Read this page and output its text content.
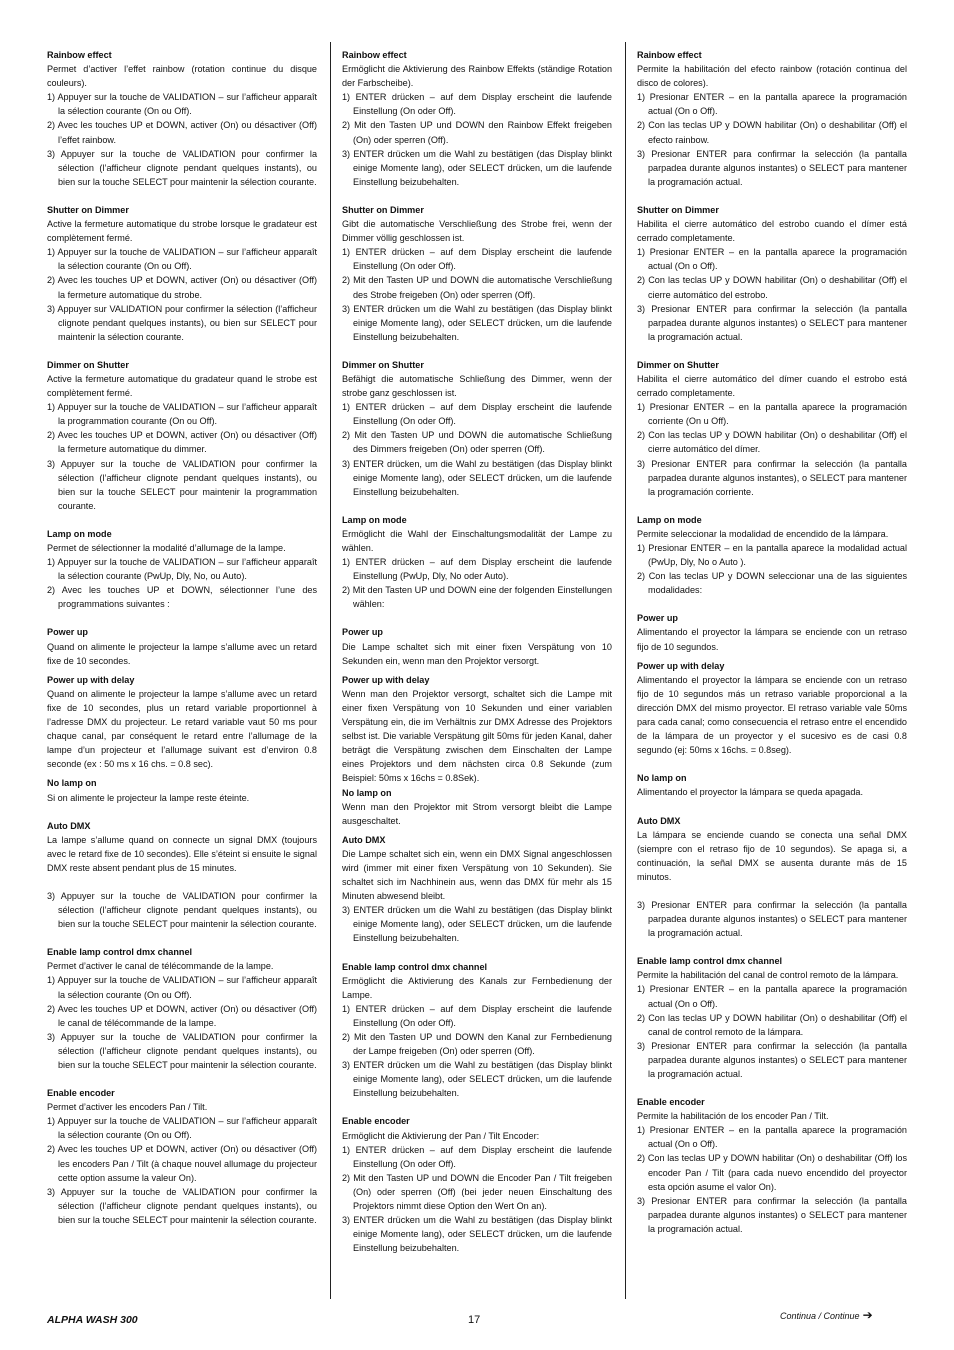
Rainbow effect

Permet d’activer l’effet rainbow (rotation continue du disque couleurs).

1) Appuyer sur la touche de VALIDATION – sur l’afficheur apparaît la sélection courante (On ou Off).

2) Avec les touches UP et DOWN, activer (On) ou désactiver (Off) l’effet rainbow.

3) Appuyer sur la touche de VALIDATION pour confirmer la sélection (l’afficheur clignote pendant quelques instants), ou bien sur la touche SELECT pour maintenir la sélection courante.

Shutter on Dimmer

Active la fermeture automatique du strobe lorsque le gradateur est complètement fermé.

1) Appuyer sur la touche de VALIDATION – sur l’afficheur apparaît la sélection courante (On ou Off).

2) Avec les touches UP et DOWN, activer (On) ou désactiver (Off) la fermeture automatique du strobe.

3) Appuyer sur VALIDATION pour confirmer la sélection (l’afficheur clignote pendant quelques instants), ou bien sur SELECT pour maintenir la sélection courante.

Dimmer on Shutter

Active la fermeture automatique du gradateur quand le strobe est complètement fermé.

1) Appuyer sur la touche de VALIDATION – sur l’afficheur apparaît la programmation courante (On ou Off).

2) Avec les touches UP et DOWN, activer (On) ou désactiver (Off) la fermeture automatique du dimmer.

3) Appuyer sur la touche de VALIDATION pour confirmer la sélection (l’afficheur clignote pendant quelques instants), ou bien sur la touche SELECT pour maintenir la programmation courante.

Lamp on mode

Permet de sélectionner la modalité d’allumage de la lampe.

1) Appuyer sur la touche de VALIDATION – sur l’afficheur apparaît la sélection courante (PwUp, Dly, No, ou Auto).

2) Avec les touches UP et DOWN, sélectionner l’une des programmations suivantes :

Power up

Quand on alimente le projecteur la lampe s’allume avec un retard fixe de 10 secondes.

Power up with delay

Quand on alimente le projecteur la lampe s’allume avec un retard fixe de 10 secondes, plus un retard variable proportionnel à l’adresse DMX du projecteur. Le retard variable vaut 50 ms pour chaque canal, par conséquent le retard entre l’allumage de la lampe d’un projecteur et l’allumage suivant est d’environ 0.8 seconde (ex : 50 ms x 16 chs. = 0.8 sec).

No lamp on

Si on alimente le projecteur la lampe reste éteinte.

Auto DMX

La lampe s’allume quand on connecte un signal DMX (toujours avec le retard fixe de 10 secondes). Elle s’éteint si ensuite le signal DMX reste absent pendant plus de 15 minutes.

3) Appuyer sur la touche de VALIDATION pour confirmer la sélection (l’afficheur clignote pendant quelques instants), ou bien sur la touche SELECT pour maintenir la sélection courante.

Enable lamp control dmx channel

Permet d’activer le canal de télécommande de la lampe.

1) Appuyer sur la touche de VALIDATION – sur l’afficheur apparaît la sélection courante (On ou Off).

2) Avec les touches UP et DOWN, activer (On) ou désactiver (Off) le canal de télécommande de la lampe.

3) Appuyer sur la touche de VALIDATION pour confirmer la sélection (l’afficheur clignote pendant quelques instants), ou bien sur la touche SELECT pour maintenir la sélection courante.

Enable encoder

Permet d’activer les encoders Pan / Tilt.

1) Appuyer sur la touche de VALIDATION – sur l’afficheur apparaît la sélection courante (On ou Off).

2) Avec les touches UP et DOWN, activer (On) ou désactiver (Off) les encoders Pan / Tilt (à chaque nouvel allumage du projecteur cette option assume la valeur On).

3) Appuyer sur la touche de VALIDATION pour confirmer la sélection (l’afficheur clignote pendant quelques instants), ou bien sur la touche SELECT pour maintenir la sélection courante.

Rainbow effect

Ermöglicht die Aktivierung des Rainbow Effekts (ständige Rotation der Farbscheibe).

1) ENTER drücken – auf dem Display erscheint die laufende Einstellung (On oder Off).

2) Mit den Tasten UP und DOWN den Rainbow Effekt freigeben (On) oder sperren (Off).

3) ENTER drücken um die Wahl zu bestätigen (das Display blinkt einige Momente lang), oder SELECT drücken, um die laufende Einstellung beizubehalten.

Shutter on Dimmer

Gibt die automatische Verschließung des Strobe frei, wenn der Dimmer völlig geschlossen ist.

1) ENTER drücken – auf dem Display erscheint die laufende Einstellung (On oder Off).

2) Mit den Tasten UP und DOWN die automatische Verschließung des Strobe freigeben (On) oder sperren (Off).

3) ENTER drücken um die Wahl zu bestätigen (das Display blinkt einige Momente lang), oder SELECT drücken, um die laufende Einstellung beizubehalten.

Dimmer on Shutter

Befähigt die automatische Schließung des Dimmer, wenn der strobe ganz geschlossen ist.

1) ENTER drücken – auf dem Display erscheint die laufende Einstellung (On oder Off).

2) Mit den Tasten UP und DOWN die automatische Schließung des Dimmers freigeben (On) oder sperren (Off).

3) ENTER drücken, um die Wahl zu bestätigen (das Display blinkt einige Momente lang), oder SELECT drücken, um die laufende Einstellung beizubehalten.

Lamp on mode

Ermöglicht die Wahl der Einschaltungsmodalität der Lampe zu wählen.

1) ENTER drücken – auf dem Display erscheint die laufende Einstellung (PwUp, Dly, No oder Auto).

2) Mit den Tasten UP und DOWN eine der folgenden Einstellungen wählen:

Power up

Die Lampe schaltet sich mit einer fixen Verspätung von 10 Sekunden ein, wenn man den Projektor versorgt.

Power up with delay

Wenn man den Projektor versorgt, schaltet sich die Lampe mit einer fixen Verspätung von 10 Sekunden und einer variablen Verspätung ein, die im Verhältnis zur DMX Adresse des Projektors selbst ist. Die variable Verspätung gilt 50ms für jeden Kanal, daher beträgt die Verspätung zwischen dem Einschalten der Lampe eines Projektors und dem nächsten circa 0.8 Sekunde (zum Beispiel: 50ms x 16chs = 0.8Sek).

No lamp on

Wenn man den Projektor mit Strom versorgt bleibt die Lampe ausgeschaltet.

Auto DMX

Die Lampe schaltet sich ein, wenn ein DMX Signal angeschlossen wird (immer mit einer fixen Verspätung von 10 Sekunden). Sie schaltet sich im Nachhinein aus, wenn das DMX für mehr als 15 Minuten abwesend bleibt.

3) ENTER drücken um die Wahl zu bestätigen (das Display blinkt einige Momente lang), oder SELECT drücken, um die laufende Einstellung beizubehalten.

Enable lamp control dmx channel

Ermöglicht die Aktivierung des Kanals zur Fernbedienung der Lampe.

1) ENTER drücken – auf dem Display erscheint die laufende Einstellung (On oder Off).

2) Mit den Tasten UP und DOWN den Kanal zur Fernbedienung der Lampe freigeben (On) oder sperren (Off).

3) ENTER drücken um die Wahl zu bestätigen (das Display blinkt einige Momente lang), oder SELECT drücken, um die laufende Einstellung beizubehalten.

Enable encoder

Ermöglicht die Aktivierung der Pan / Tilt Encoder:

1) ENTER drücken – auf dem Display erscheint die laufende Einstellung (On oder Off).

2) Mit den Tasten UP und DOWN die Encoder Pan / Tilt freigeben (On) oder sperren (Off) (bei jeder neuen Einschaltung des Projektors nimmt diese Option den Wert On an).

3) ENTER drücken um die Wahl zu bestätigen (das Display blinkt einige Momente lang), oder SELECT drücken, um die laufende Einstellung beizubehalten.

Rainbow effect

Permite la habilitación del efecto rainbow (rotación continua del disco de colores).

1) Presionar ENTER – en la pantalla aparece la programación actual (On o Off).

2) Con las teclas UP y DOWN habilitar (On) o deshabilitar (Off) el efecto rainbow.

3) Presionar ENTER para confirmar la selección (la pantalla parpadea durante algunos instantes) o SELECT para mantener la programación actual.

Shutter on Dimmer

Habilita el cierre automático del estrobo cuando el dímer está cerrado completamente.

1) Presionar ENTER – en la pantalla aparece la programación actual (On o Off).

2) Con las teclas UP y DOWN habilitar (On) o deshabilitar (Off) el cierre automático del estrobo.

3) Presionar ENTER para confirmar la selección (la pantalla parpadea durante algunos instantes) o SELECT para mantener la programación actual.

Dimmer on Shutter

Habilita el cierre automático del dímer cuando el estrobo está cerrado completamente.

1) Presionar ENTER – en la pantalla aparece la programación corriente (On u Off).

2) Con las teclas UP y DOWN habilitar (On) o deshabilitar (Off) el cierre automático del dímer.

3) Presionar ENTER para confirmar la selección (la pantalla parpadea durante algunos instantes), o SELECT para mantener la programación corriente.

Lamp on mode

Permite seleccionar la modalidad de encendido de la lámpara.

1) Presionar ENTER – en la pantalla aparece la modalidad actual (PwUp, Dly, No o Auto ).

2) Con las teclas UP y DOWN seleccionar una de las siguientes modalidades:

Power up

Alimentando el proyector la lámpara se enciende con un retraso fijo de 10 segundos.

Power up with delay

Alimentando el proyector la lámpara se enciende con un retraso fijo de 10 segundos más un retraso variable proporcional a la dirección DMX del mismo proyector. El retraso variable vale 50ms para cada canal; como consecuencia el retraso entre el encendido de la lámpara de un proyector y el sucesivo es de casi 0.8 segundo (ej: 50ms x 16chs. = 0.8seg).

No lamp on

Alimentando el proyector la lámpara se queda apagada.

Auto DMX

La lámpara se enciende cuando se conecta una señal DMX (siempre con el retraso fijo de 10 segundos). Se apaga si, a continuación, la señal DMX se ausenta durante más de 15 minutos.

3) Presionar ENTER para confirmar la selección (la pantalla parpadea durante algunos instantes) o SELECT para mantener la programación actual.

Enable lamp control dmx channel

Permite la habilitación del canal de control remoto de la lámpara.

1) Presionar ENTER – en la pantalla aparece la programación actual (On o Off).

2) Con las teclas UP y DOWN habilitar (On) o deshabilitar (Off) el canal de control remoto de la lámpara.

3) Presionar ENTER para confirmar la selección (la pantalla parpadea durante algunos instantes) o SELECT para mantener la programación actual.

Enable encoder

Permite la habilitación de los encoder Pan / Tilt.

1) Presionar ENTER – en la pantalla aparece la programación actual (On o Off).

2) Con las teclas UP y DOWN habilitar (On) o deshabilitar (Off) los encoder Pan / Tilt (para cada nuevo encendido del proyector esta opción asume el valor On).

3) Presionar ENTER para confirmar la selección (la pantalla parpadea durante algunos instantes) o SELECT para mantener la programación actual.

ALPHA WASH 300	17	Continua / Continue ➔
